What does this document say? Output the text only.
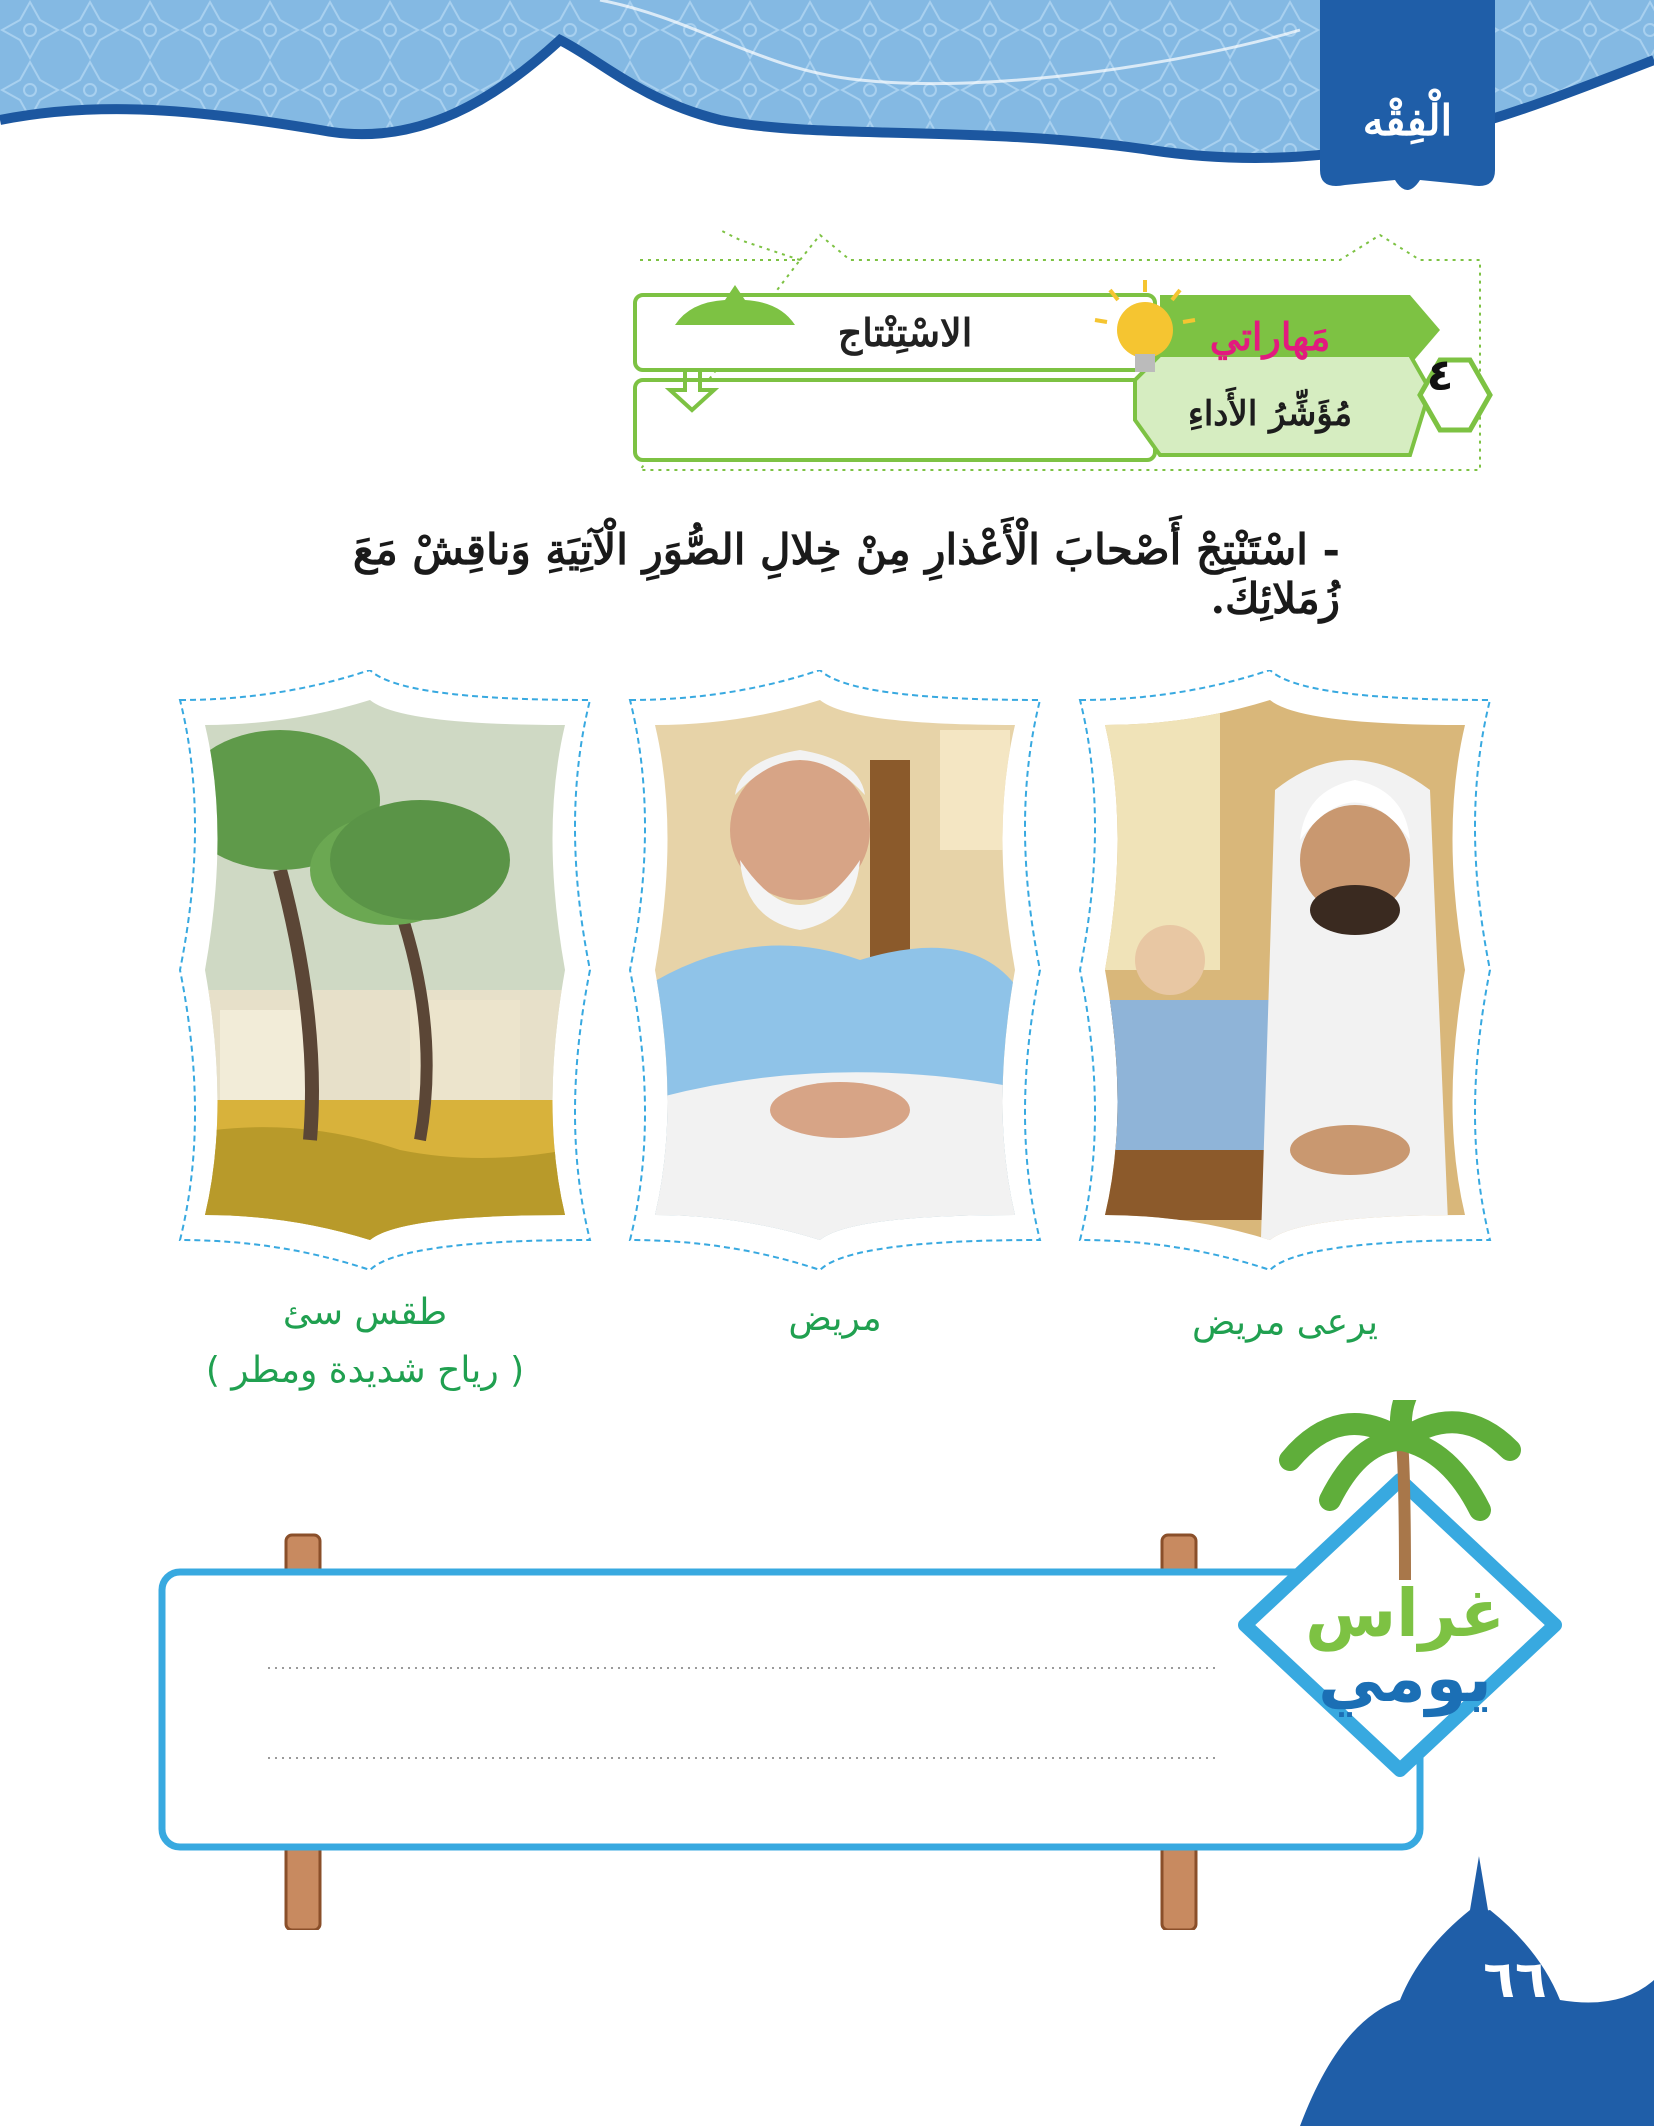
الْفِقْه
الاسْتِنْتاج	مَهاراتي
مُؤَشِّرُ الأَداءِ
٤
- اسْتَنْتِجْ أَصْحابَ الْأَعْذارِ مِنْ خِلالِ الصُّوَرِ الْآتِيَةِ وَناقِشْ مَعَ زُمَلائِكَ.
يرعى مريض
مريض
طقس سئ
( رياح شديدة ومطر )
غراس
يومي
٦٦
